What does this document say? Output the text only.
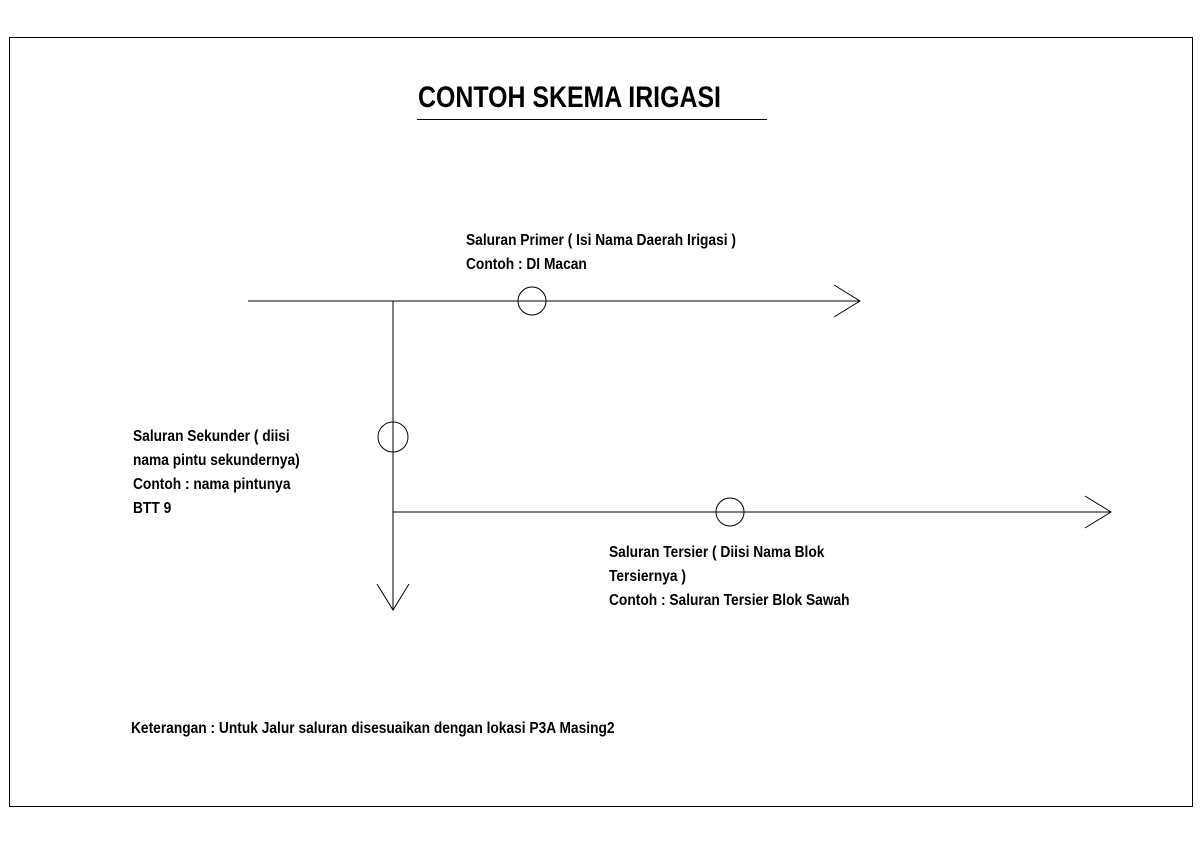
CONTOH SKEMA IRIGASI
Saluran Primer ( Isi Nama Daerah Irigasi )
Contoh : DI Macan
Saluran Sekunder ( diisi
nama pintu sekundernya)
Contoh : nama pintunya
BTT 9
Saluran Tersier ( Diisi Nama Blok
Tersiernya )
Contoh : Saluran Tersier Blok Sawah
Keterangan : Untuk Jalur saluran disesuaikan dengan lokasi P3A Masing2
